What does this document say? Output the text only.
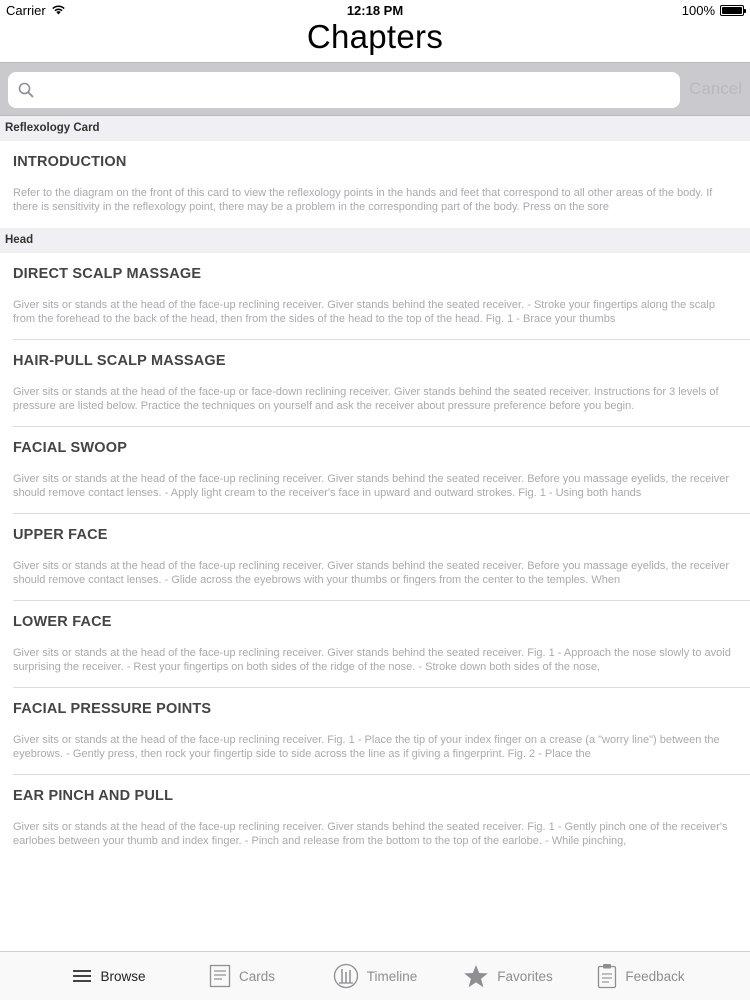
Carrier	12:18 PM	100%
Chapters
Cancel
Reflexology Card
INTRODUCTION
Refer to the diagram on the front of this card to view the reflexology points in the hands and feet that correspond to all other areas of the body. If there is sensitivity in the reflexology point, there may be a problem in the corresponding part of the body. Press on the sore
Head
DIRECT SCALP MASSAGE
Giver sits or stands at the head of the face-up reclining receiver. Giver stands behind the seated receiver. - Stroke your fingertips along the scalp from the forehead to the back of the head, then from the sides of the head to the top of the head. Fig. 1 - Brace your thumbs
HAIR-PULL SCALP MASSAGE
Giver sits or stands at the head of the face-up or face-down reclining receiver. Giver stands behind the seated receiver. Instructions for 3 levels of pressure are listed below. Practice the techniques on yourself and ask the receiver about pressure preference before you begin.
FACIAL SWOOP
Giver sits or stands at the head of the face-up reclining receiver. Giver stands behind the seated receiver. Before you massage eyelids, the receiver should remove contact lenses. - Apply light cream to the receiver's face in upward and outward strokes. Fig. 1 - Using both hands
UPPER FACE
Giver sits or stands at the head of the face-up reclining receiver. Giver stands behind the seated receiver. Before you massage eyelids, the receiver should remove contact lenses. - Glide across the eyebrows with your thumbs or fingers from the center to the temples. When
LOWER FACE
Giver sits or stands at the head of the face-up reclining receiver. Giver stands behind the seated receiver. Fig. 1 - Approach the nose slowly to avoid surprising the receiver. - Rest your fingertips on both sides of the ridge of the nose. - Stroke down both sides of the nose,
FACIAL PRESSURE POINTS
Giver sits or stands at the head of the face-up reclining receiver. Fig. 1 - Place the tip of your index finger on a crease (a "worry line") between the eyebrows. - Gently press, then rock your fingertip side to side across the line as if giving a fingerprint. Fig. 2 - Place the
EAR PINCH AND PULL
Giver sits or stands at the head of the face-up reclining receiver. Giver stands behind the seated receiver. Fig. 1 - Gently pinch one of the receiver's earlobes between your thumb and index finger. - Pinch and release from the bottom to the top of the earlobe. - While pinching,
Browse	Cards	Timeline	Favorites	Feedback
